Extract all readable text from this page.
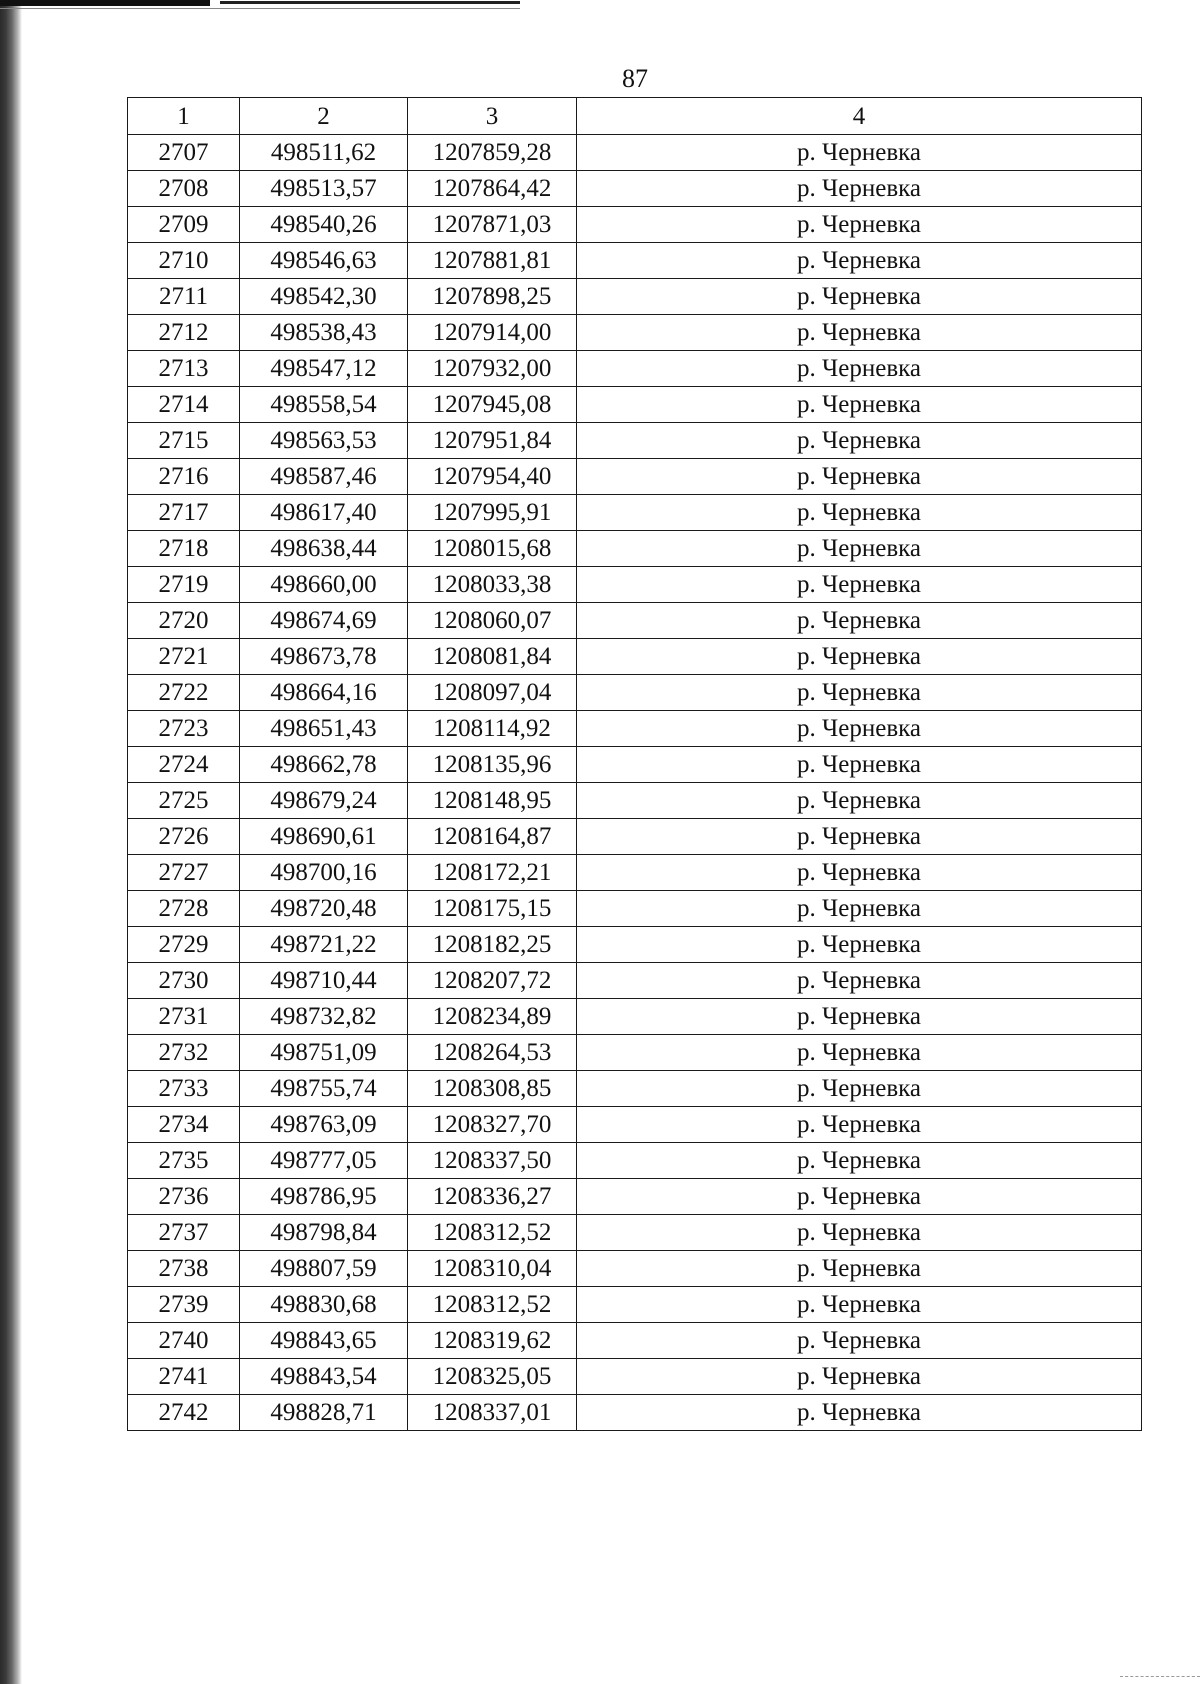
87
1	2	3	4
2707	498511,62	1207859,28	р. Черневка
2708	498513,57	1207864,42	р. Черневка
2709	498540,26	1207871,03	р. Черневка
2710	498546,63	1207881,81	р. Черневка
2711	498542,30	1207898,25	р. Черневка
2712	498538,43	1207914,00	р. Черневка
2713	498547,12	1207932,00	р. Черневка
2714	498558,54	1207945,08	р. Черневка
2715	498563,53	1207951,84	р. Черневка
2716	498587,46	1207954,40	р. Черневка
2717	498617,40	1207995,91	р. Черневка
2718	498638,44	1208015,68	р. Черневка
2719	498660,00	1208033,38	р. Черневка
2720	498674,69	1208060,07	р. Черневка
2721	498673,78	1208081,84	р. Черневка
2722	498664,16	1208097,04	р. Черневка
2723	498651,43	1208114,92	р. Черневка
2724	498662,78	1208135,96	р. Черневка
2725	498679,24	1208148,95	р. Черневка
2726	498690,61	1208164,87	р. Черневка
2727	498700,16	1208172,21	р. Черневка
2728	498720,48	1208175,15	р. Черневка
2729	498721,22	1208182,25	р. Черневка
2730	498710,44	1208207,72	р. Черневка
2731	498732,82	1208234,89	р. Черневка
2732	498751,09	1208264,53	р. Черневка
2733	498755,74	1208308,85	р. Черневка
2734	498763,09	1208327,70	р. Черневка
2735	498777,05	1208337,50	р. Черневка
2736	498786,95	1208336,27	р. Черневка
2737	498798,84	1208312,52	р. Черневка
2738	498807,59	1208310,04	р. Черневка
2739	498830,68	1208312,52	р. Черневка
2740	498843,65	1208319,62	р. Черневка
2741	498843,54	1208325,05	р. Черневка
2742	498828,71	1208337,01	р. Черневка
